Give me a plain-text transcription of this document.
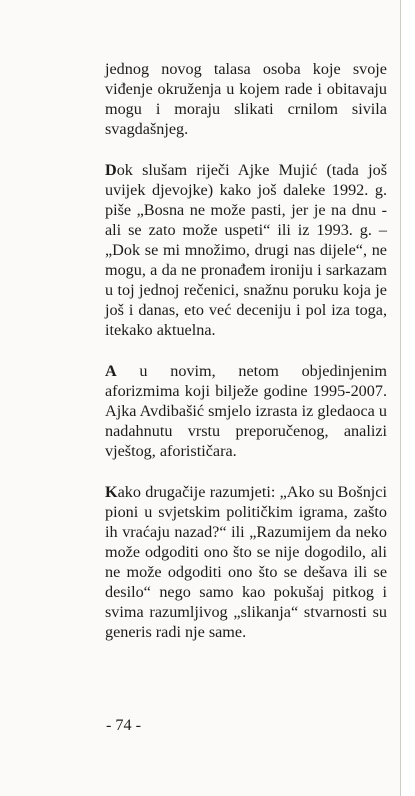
jednog novog talasa osoba koje svoje viđenje okruženja u kojem rade i obitavaju mogu i moraju slikati crnilom sivila svagdašnjeg.

Dok slušam riječi Ajke Mujić (tada još uvijek djevojke) kako još daleke 1992. g. piše „Bosna ne može pasti, jer je na dnu - ali se zato može uspeti“ ili iz 1993. g. – „Dok se mi množimo, drugi nas dijele“, ne mogu, a da ne pronađem ironiju i sarkazam u toj jednoj rečenici, snažnu poruku koja je još i danas, eto već deceniju i pol iza toga, itekako aktuelna.

A u novim, netom objedinjenim aforizmima koji bilježe godine 1995-2007. Ajka Avdibašić smjelo izrasta iz gledaoca u nadahnutu vrstu preporučenog, analizi vještog, aforističara.

Kako drugačije razumjeti: „Ako su Bošnjci pioni u svjetskim političkim igrama, zašto ih vraćaju nazad?“ ili „Razumijem da neko može odgoditi ono što se nije dogodilo, ali ne može odgoditi ono što se dešava ili se desilo“ nego samo kao pokušaj pitkog i svima razumljivog „slikanja“ stvarnosti su generis radi nje same.

- 74 -
